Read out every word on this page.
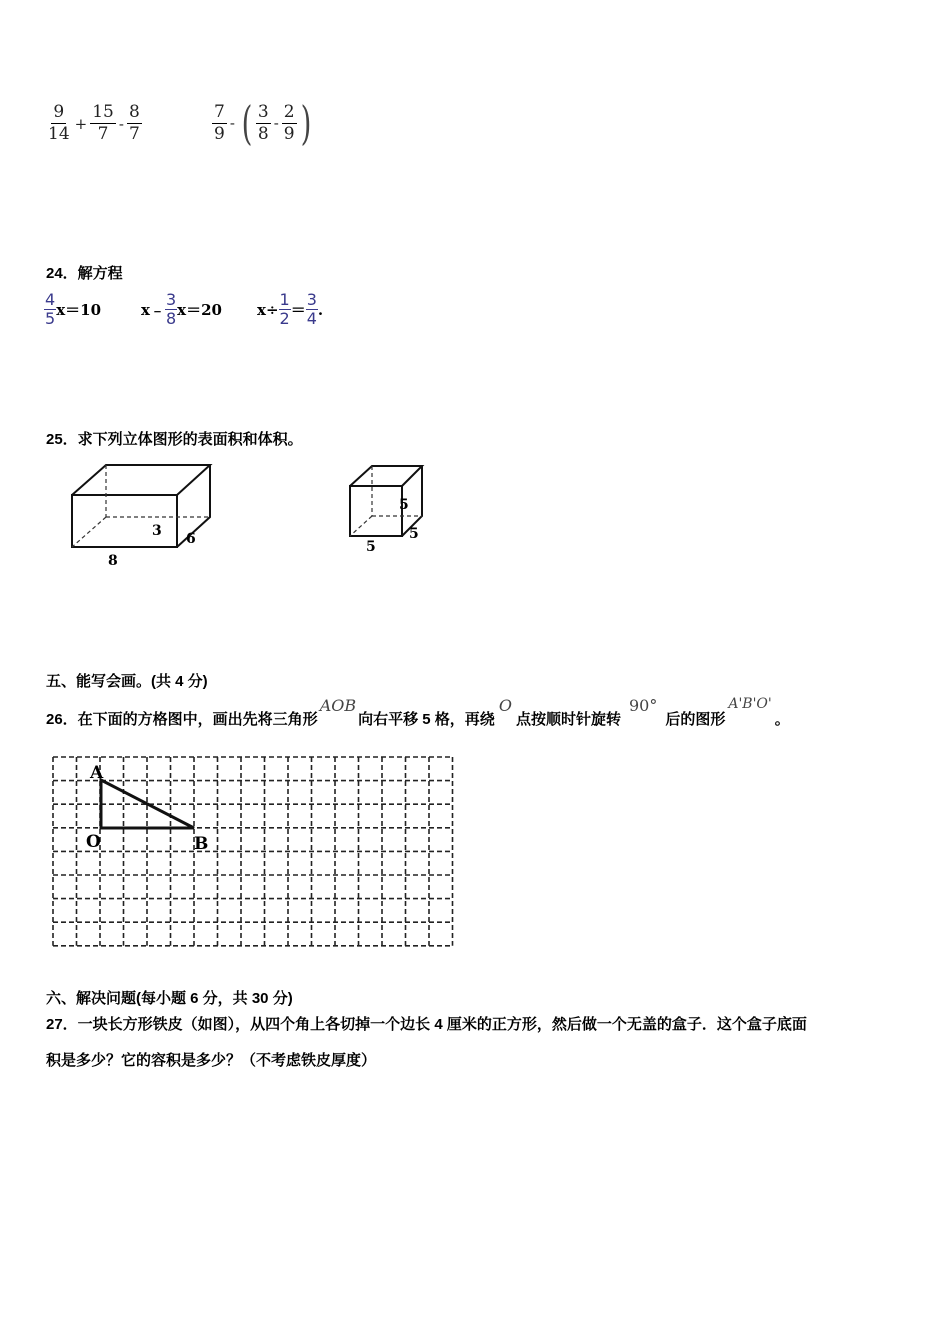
$\frac{9}{14} + \frac{15}{7} - \frac{8}{7}$	$\frac{7}{9}$ - ( $\frac{3}{8} - \frac{2}{9}$ )
24．解方程
$\frac{4}{5} x=10$	x﹣ $\frac{3}{8} x=20$ $x\div \frac{1}{2} = \frac{3}{4}$ .
25．求下列立体图形的表面积和体积。
3 6
8
5
5
5
五、能写会画。(共 4 分)
26．在下面的方格图中，画出先将三角形
AOB
向右平移 5 格，再绕
O
点按顺时针旋转
90°
后的图形
A'B'O'
。
A
O	B
六、解决问题(每小题 6 分，共 30 分)
27．一块长方形铁皮（如图），从四个角上各切掉一个边长 4 厘米的正方形，然后做一个无盖的盒子．这个盒子底面
积是多少？它的容积是多少？（不考虑铁皮厚度）
